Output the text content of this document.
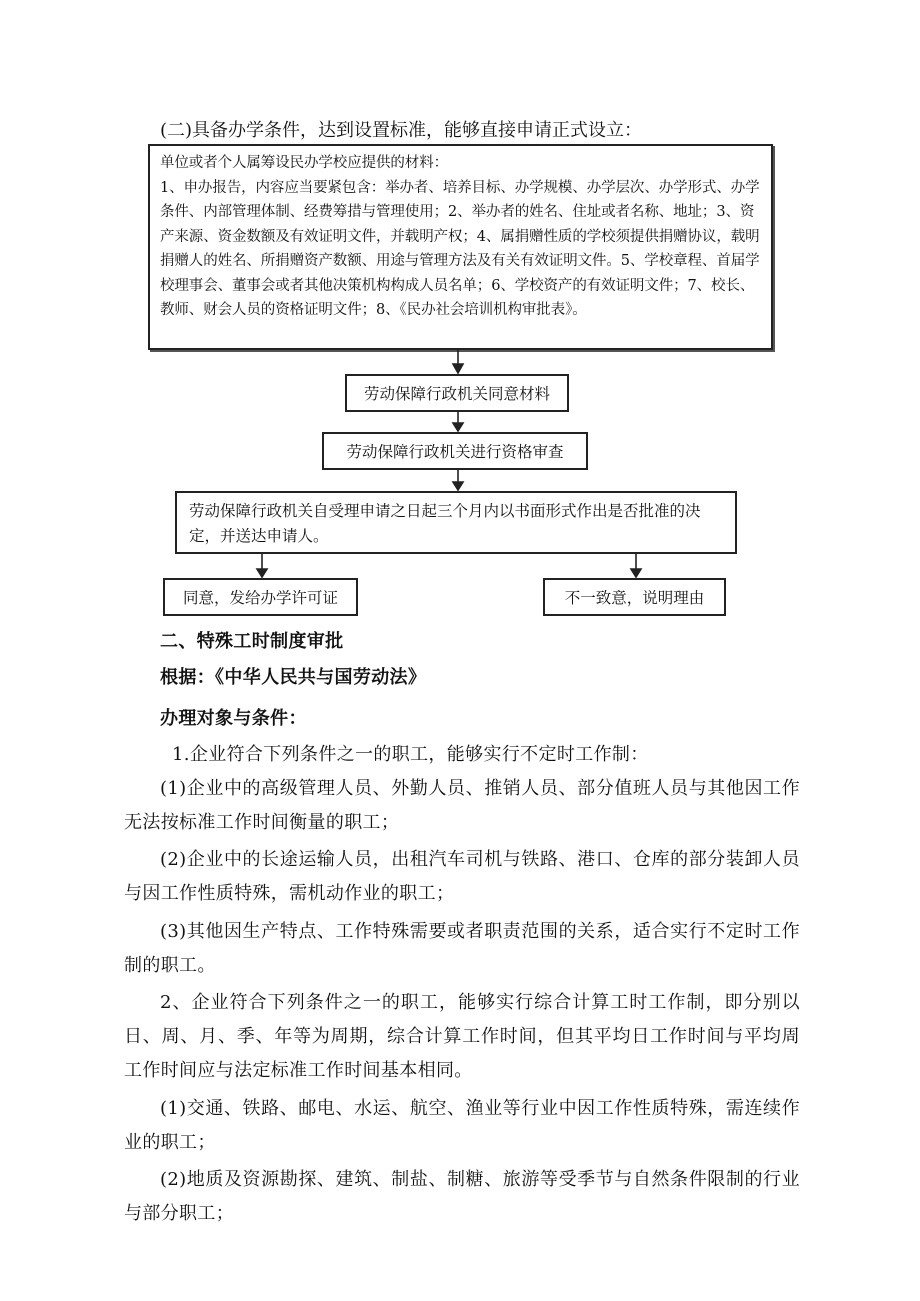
(二)具备办学条件，达到设置标准，能够直接申请正式设立：
单位或者个人属筹设民办学校应提供的材料：
1、申办报告，内容应当要紧包含：举办者、培养目标、办学规模、办学层次、办学形式、办学条件、内部管理体制、经费筹措与管理使用；2、举办者的姓名、住址或者名称、地址；3、资产来源、资金数额及有效证明文件，并载明产权；4、属捐赠性质的学校须提供捐赠协议，载明捐赠人的姓名、所捐赠资产数额、用途与管理方法及有关有效证明文件。5、学校章程、首届学校理事会、董事会或者其他决策机构构成人员名单；6、学校资产的有效证明文件；7、校长、教师、财会人员的资格证明文件；8、《民办社会培训机构审批表》。
劳动保障行政机关同意材料
劳动保障行政机关进行资格审查
劳动保障行政机关自受理申请之日起三个月内以书面形式作出是否批准的决定，并送达申请人。
同意，发给办学许可证	不一致意，说明理由
二、特殊工时制度审批
根据：《中华人民共与国劳动法》
办理对象与条件：
1.企业符合下列条件之一的职工，能够实行不定时工作制：
(1)企业中的高级管理人员、外勤人员、推销人员、部分值班人员与其他因工作无法按标准工作时间衡量的职工；
(2)企业中的长途运输人员，出租汽车司机与铁路、港口、仓库的部分装卸人员与因工作性质特殊，需机动作业的职工；
(3)其他因生产特点、工作特殊需要或者职责范围的关系，适合实行不定时工作制的职工。
2、企业符合下列条件之一的职工，能够实行综合计算工时工作制，即分别以日、周、月、季、年等为周期，综合计算工作时间，但其平均日工作时间与平均周工作时间应与法定标准工作时间基本相同。
(1)交通、铁路、邮电、水运、航空、渔业等行业中因工作性质特殊，需连续作业的职工；
(2)地质及资源勘探、建筑、制盐、制糖、旅游等受季节与自然条件限制的行业与部分职工；
